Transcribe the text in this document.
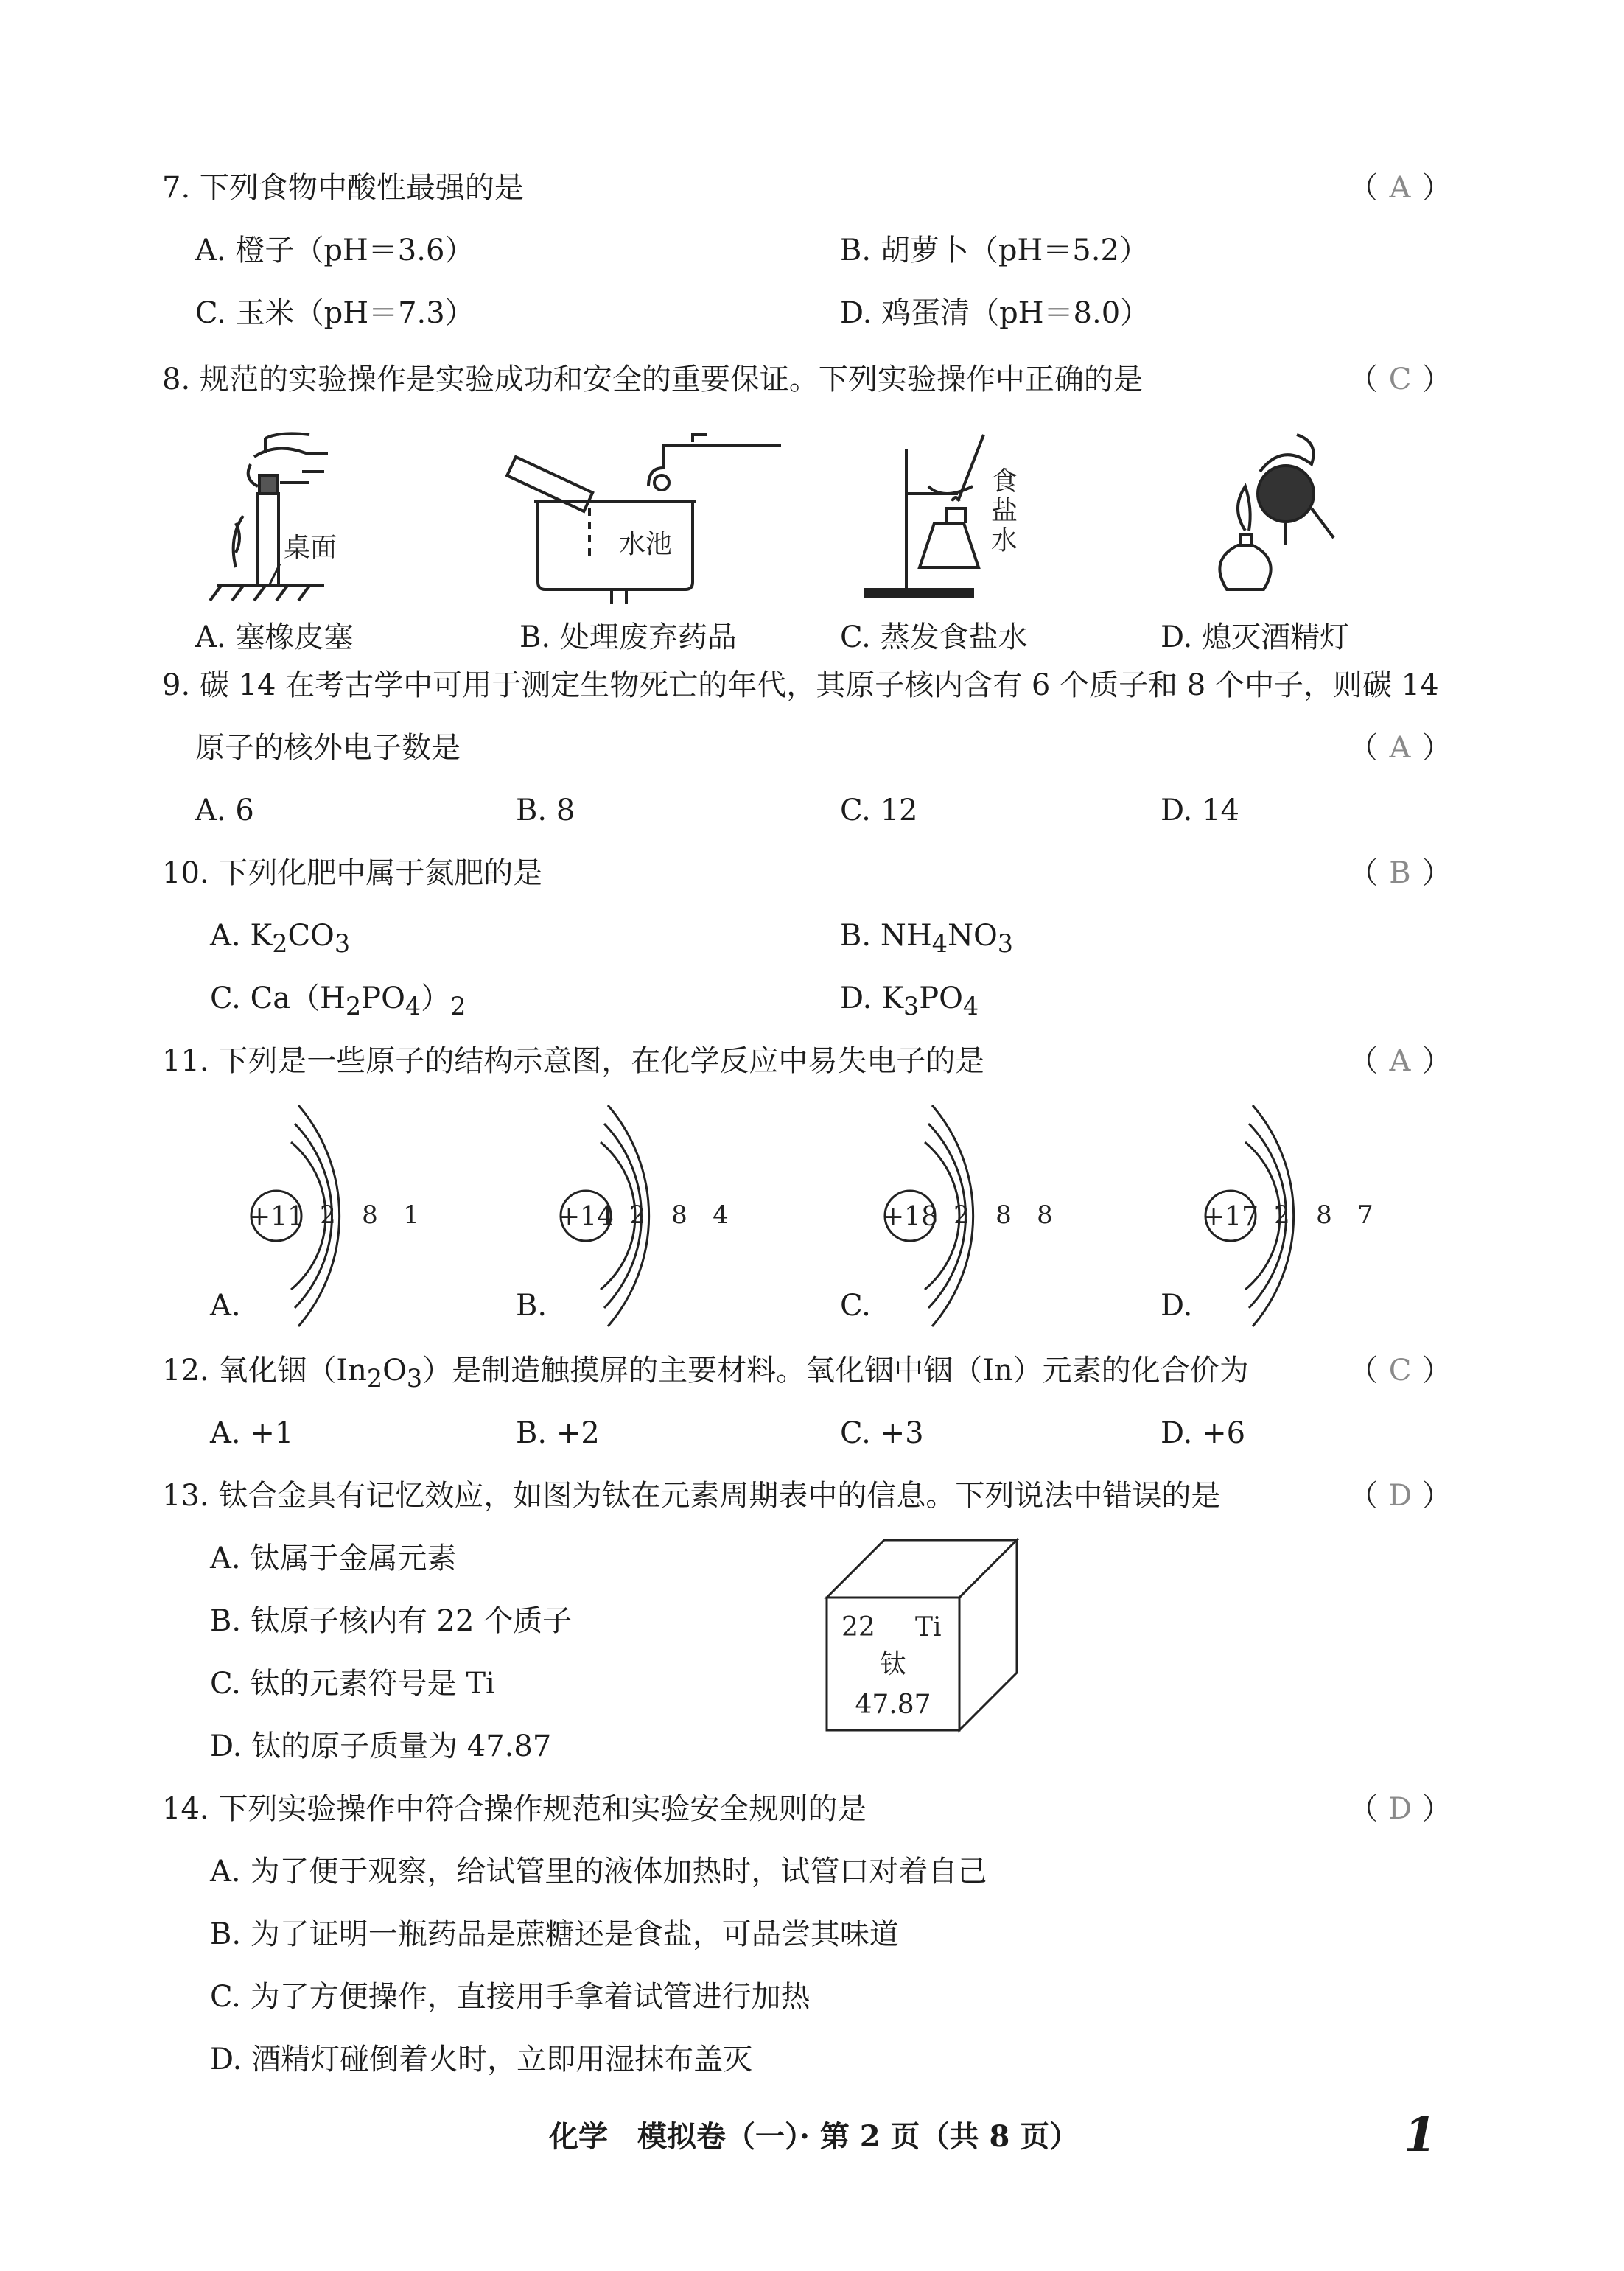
7. 下列食物中酸性最强的是	（ A ）
A. 橙子（pH＝3.6）	B. 胡萝卜（pH＝5.2）
C. 玉米（pH＝7.3）	D. 鸡蛋清（pH＝8.0）
8. 规范的实验操作是实验成功和安全的重要保证。下列实验操作中正确的是	（ C ）
桌面	水池
食
盐
水
A. 塞橡皮塞	B. 处理废弃药品	C. 蒸发食盐水	D. 熄灭酒精灯
9. 碳 14 在考古学中可用于测定生物死亡的年代，其原子核内含有 6 个质子和 8 个中子，则碳 14
原子的核外电子数是	（ A ）
A. 6	B. 8	C. 12	D. 14
10. 下列化肥中属于氮肥的是	（ B ）
A. $K_2CO_3$	B. $NH_4NO_3$
C. $Ca(H_2PO_4)_2$	D. $K_3PO_4$
11. 下列是一些原子的结构示意图，在化学反应中易失电子的是	（ A ）
+11 2 8 1
A.
+14 2 8 4
B.
+18 2 8 8
C.
+17 2 8 7
D.
12. 氧化铟$(In_2O_3)$是制造触摸屏的主要材料。氧化铟中铟（In）元素的化合价为	（ C ）
A. +1	B. +2	C. +3	D. +6
13. 钛合金具有记忆效应，如图为钛在元素周期表中的信息。下列说法中错误的是	（ D ）
A. 钛属于金属元素
B. 钛原子核内有 22 个质子
C. 钛的元素符号是 Ti
D. 钛的原子质量为 47.87
22 Ti
钛
47.87
14. 下列实验操作中符合操作规范和实验安全规则的是	（ D ）
A. 为了便于观察，给试管里的液体加热时，试管口对着自己
B. 为了证明一瓶药品是蔗糖还是食盐，可品尝其味道
C. 为了方便操作，直接用手拿着试管进行加热
D. 酒精灯碰倒着火时，立即用湿抹布盖灭
化学　模拟卷（一）· 第 2 页（共 8 页）	1
